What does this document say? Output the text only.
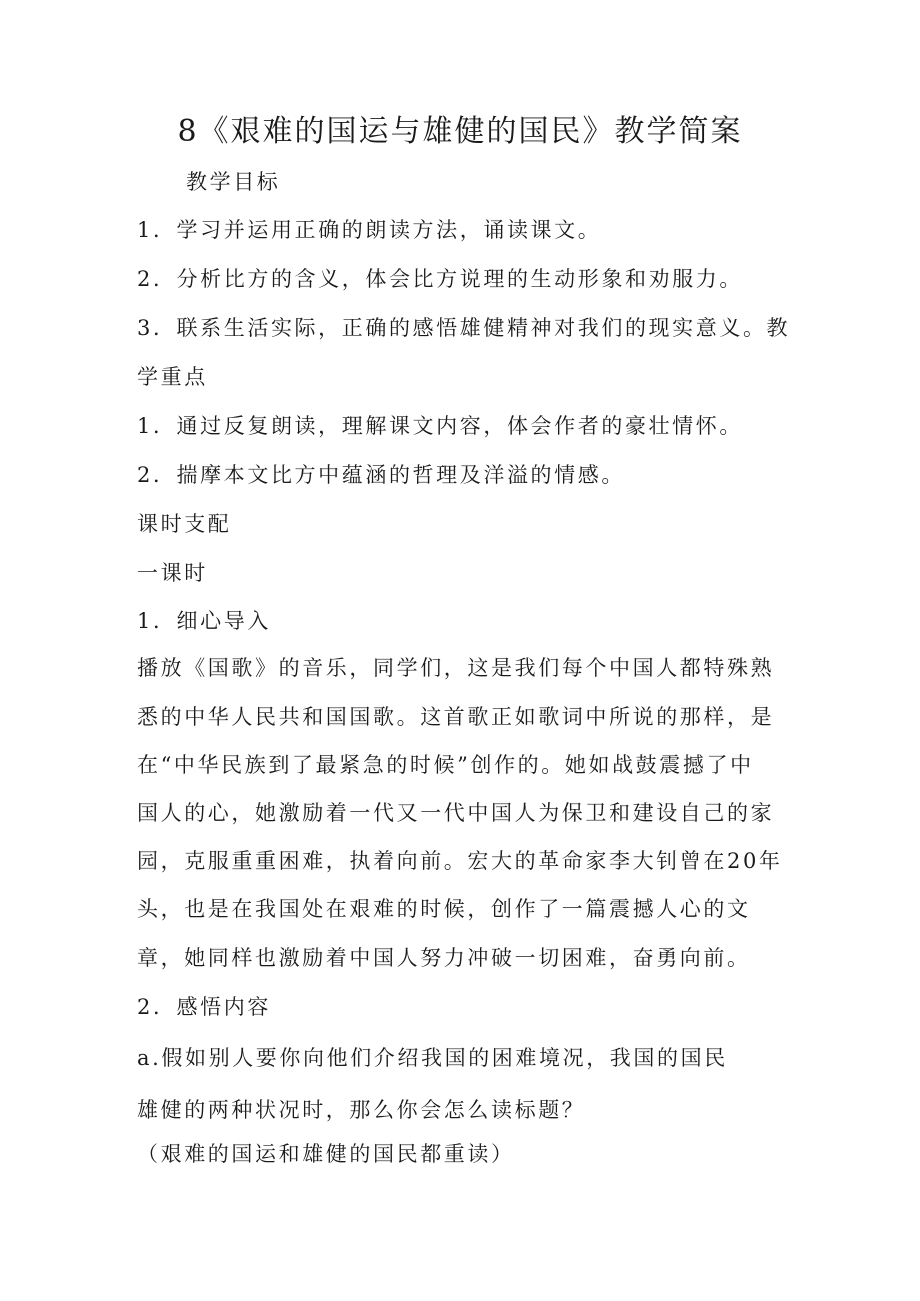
8《艰难的国运与雄健的国民》教学简案
教学目标
1．学习并运用正确的朗读方法，诵读课文。
2．分析比方的含义，体会比方说理的生动形象和劝服力。
3．联系生活实际，正确的感悟雄健精神对我们的现实意义。教
学重点
1．通过反复朗读，理解课文内容，体会作者的豪壮情怀。
2．揣摩本文比方中蕴涵的哲理及洋溢的情感。
课时支配
一课时
1．细心导入
播放《国歌》的音乐，同学们，这是我们每个中国人都特殊熟
悉的中华人民共和国国歌。这首歌正如歌词中所说的那样，是
在“中华民族到了最紧急的时候”创作的。她如战鼓震撼了中
国人的心，她激励着一代又一代中国人为保卫和建设自己的家
园，克服重重困难，执着向前。宏大的革命家李大钊曾在20年
头，也是在我国处在艰难的时候，创作了一篇震撼人心的文
章，她同样也激励着中国人努力冲破一切困难，奋勇向前。
2．感悟内容
a.假如别人要你向他们介绍我国的困难境况，我国的国民
雄健的两种状况时，那么你会怎么读标题？
（艰难的国运和雄健的国民都重读）
